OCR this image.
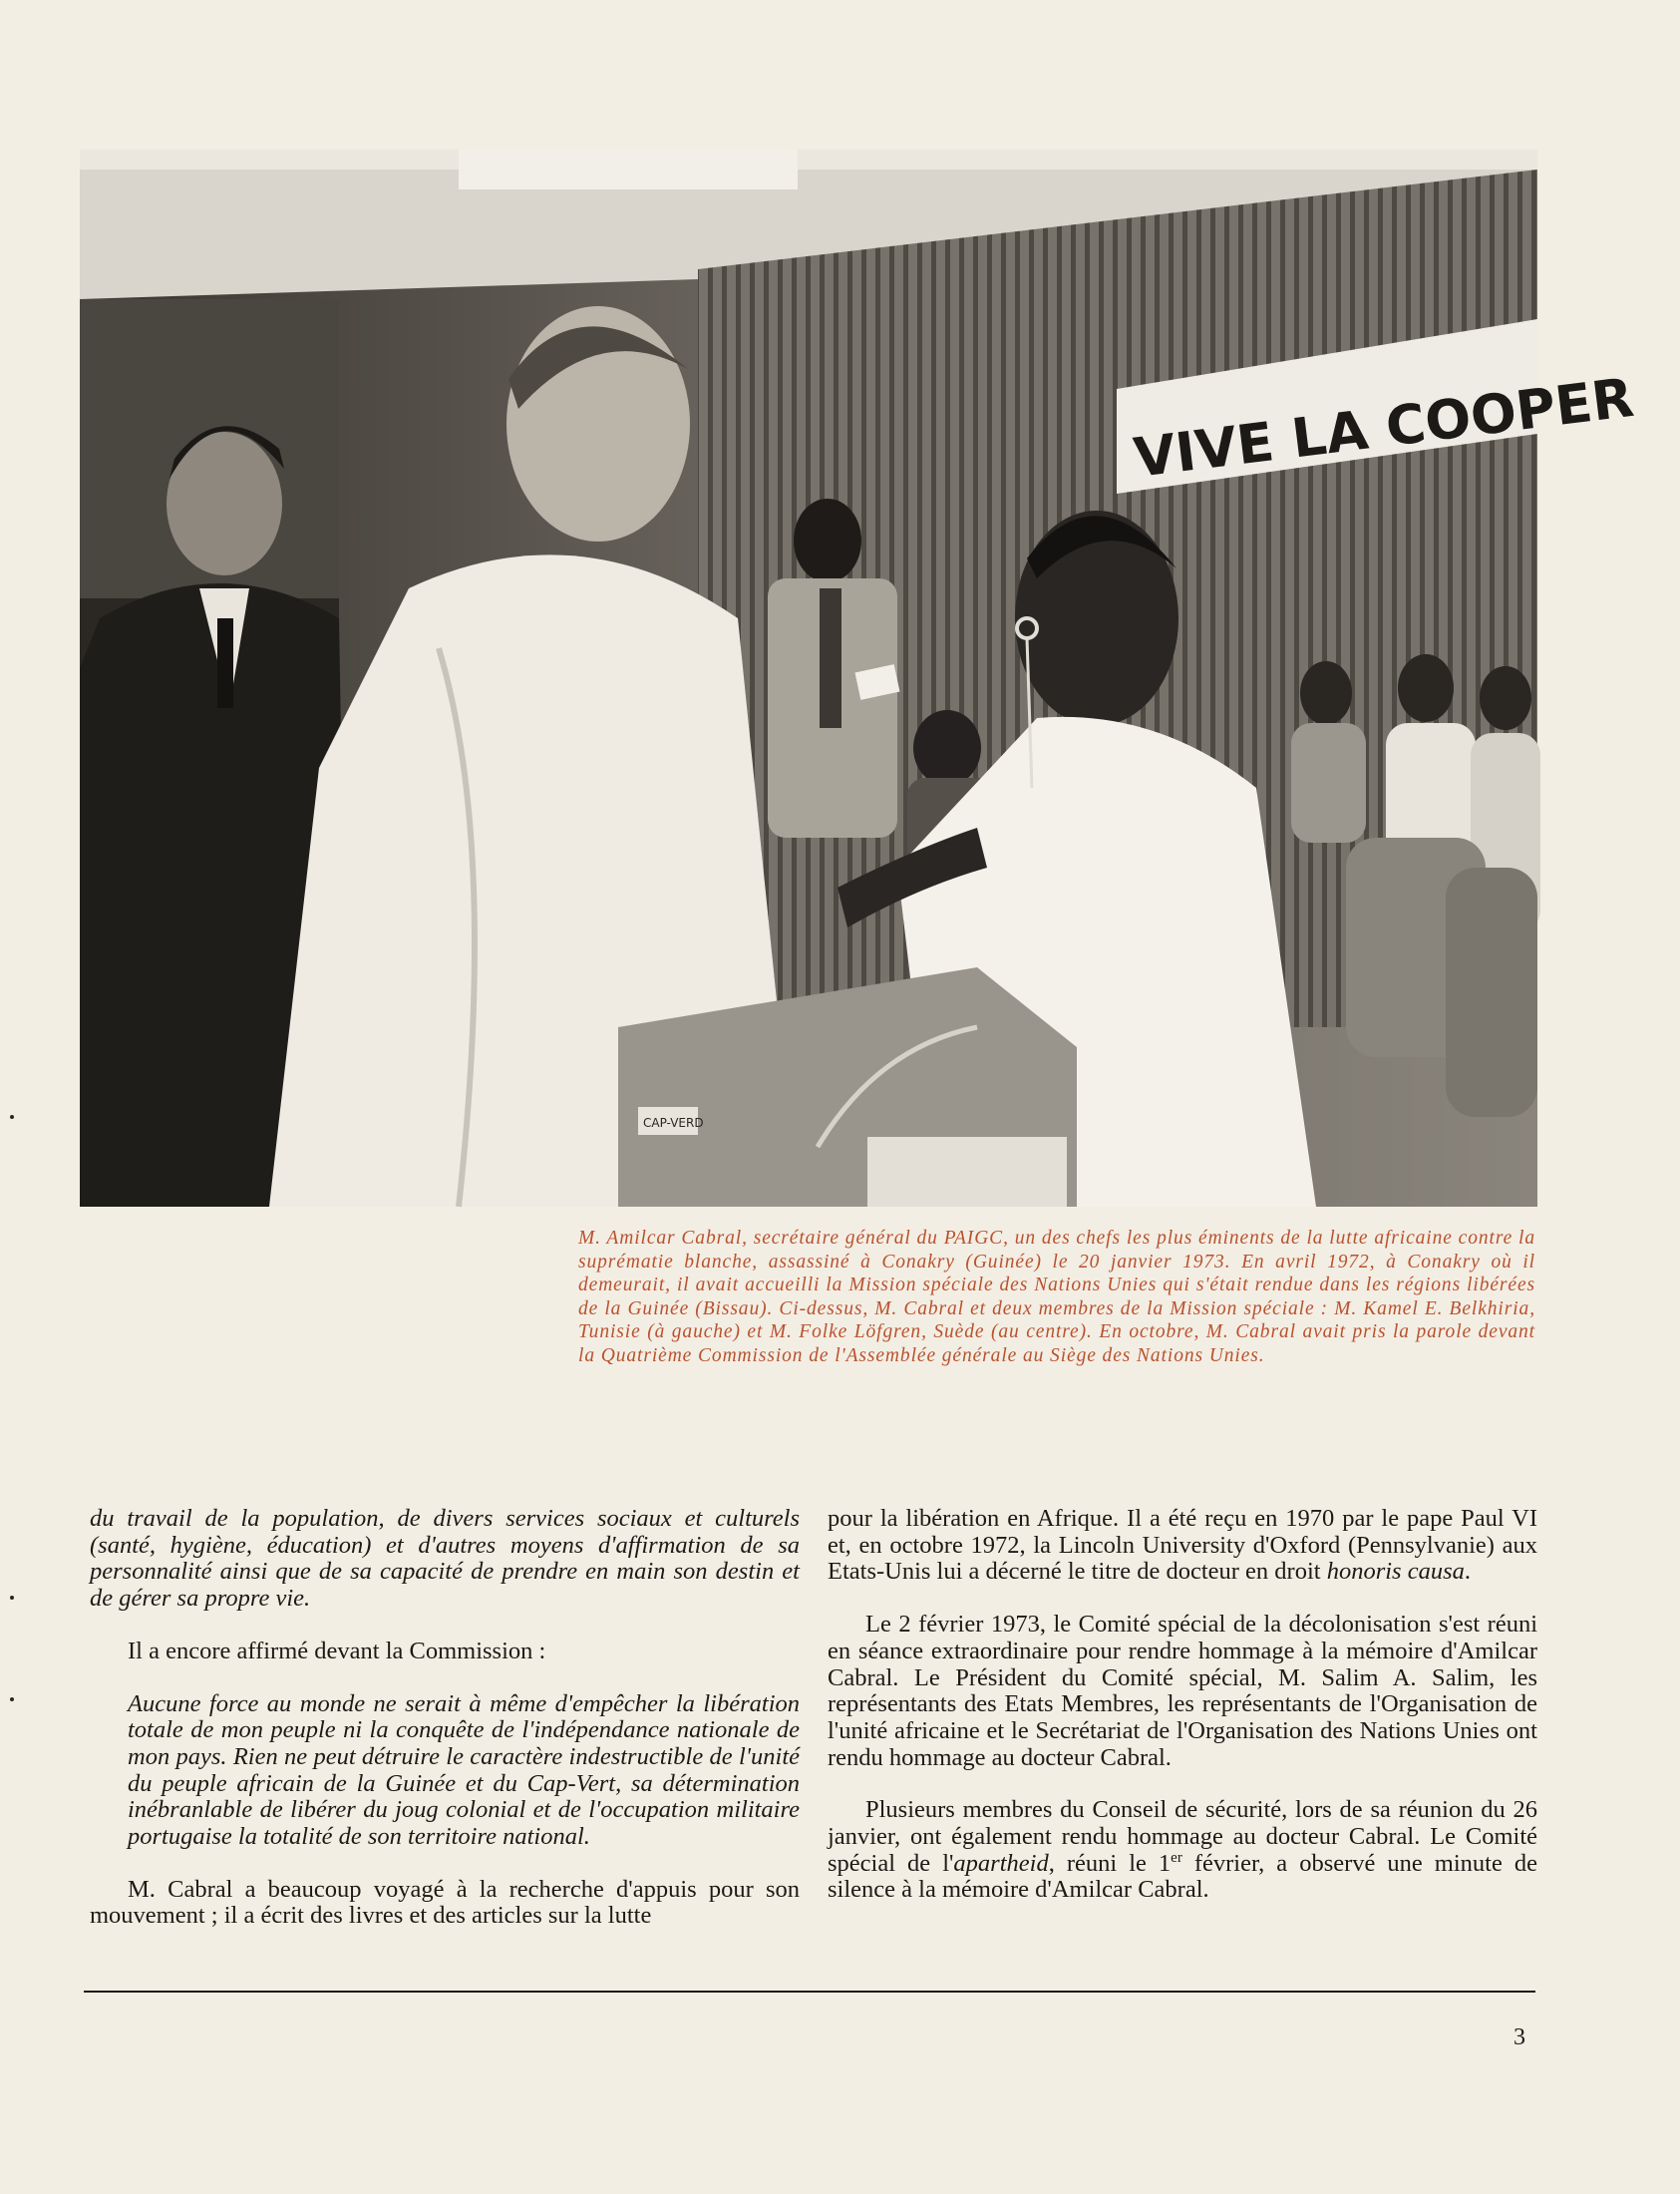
VIVE LA COOPER
CAP-VERD

M. Amilcar Cabral, secrétaire général du PAIGC, un des chefs les plus éminents de la lutte africaine contre la suprématie blanche, assassiné à Conakry (Guinée) le 20 janvier 1973. En avril 1972, à Conakry où il demeurait, il avait accueilli la Mission spéciale des Nations Unies qui s'était rendue dans les régions libérées de la Guinée (Bissau). Ci-dessus, M. Cabral et deux membres de la Mission spéciale : M. Kamel E. Belkhiria, Tunisie (à gauche) et M. Folke Löfgren, Suède (au centre). En octobre, M. Cabral avait pris la parole devant la Quatrième Commission de l'Assemblée générale au Siège des Nations Unies.

du travail de la population, de divers services sociaux et culturels (santé, hygiène, éducation) et d'autres moyens d'affirmation de sa personnalité ainsi que de sa capacité de prendre en main son destin et de gérer sa propre vie.

Il a encore affirmé devant la Commission :

Aucune force au monde ne serait à même d'empêcher la libération totale de mon peuple ni la conquête de l'indépendance nationale de mon pays. Rien ne peut détruire le caractère indestructible de l'unité du peuple africain de la Guinée et du Cap-Vert, sa détermination inébranlable de libérer du joug colonial et de l'occupation militaire portugaise la totalité de son territoire national.

M. Cabral a beaucoup voyagé à la recherche d'appuis pour son mouvement ; il a écrit des livres et des articles sur la lutte

pour la libération en Afrique. Il a été reçu en 1970 par le pape Paul VI et, en octobre 1972, la Lincoln University d'Oxford (Pennsylvanie) aux Etats-Unis lui a décerné le titre de docteur en droit honoris causa.

Le 2 février 1973, le Comité spécial de la décolonisation s'est réuni en séance extraordinaire pour rendre hommage à la mémoire d'Amilcar Cabral. Le Président du Comité spécial, M. Salim A. Salim, les représentants des Etats Membres, les représentants de l'Organisation de l'unité africaine et le Secrétariat de l'Organisation des Nations Unies ont rendu hommage au docteur Cabral.

Plusieurs membres du Conseil de sécurité, lors de sa réunion du 26 janvier, ont également rendu hommage au docteur Cabral. Le Comité spécial de l'apartheid, réuni le 1er février, a observé une minute de silence à la mémoire d'Amilcar Cabral.

3
